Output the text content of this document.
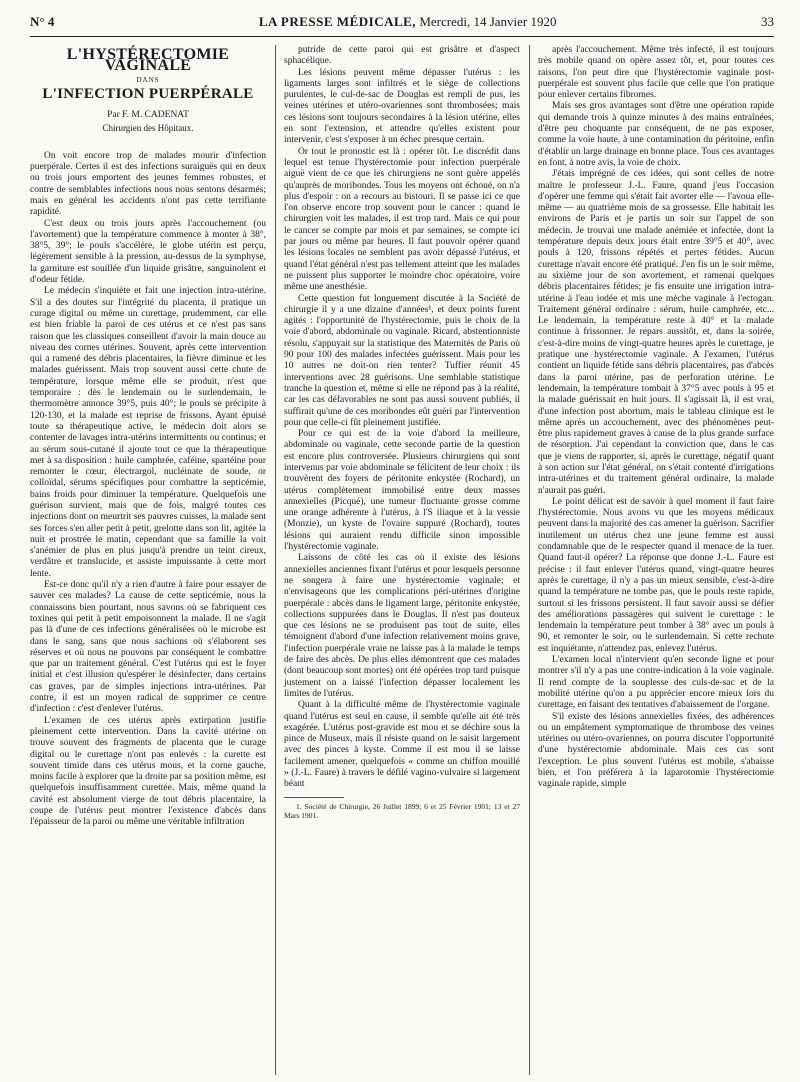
N° 4	LA PRESSE MÉDICALE, Mercredi, 14 Janvier 1920	33
L'HYSTÉRECTOMIE VAGINALE
DANS
L'INFECTION PUERPÉRALE
Par F. M. CADENAT
Chirurgien des Hôpitaux.

On voit encore trop de malades mourir d'infection puerpérale. Certes il est des infections suraiguës qui en deux ou trois jours emportent des jeunes femmes robustes, et contre de semblables infections nous nous sentons désarmés; mais en général les accidents n'ont pas cette terrifiante rapidité.

C'est deux ou trois jours après l'accouchement (ou l'avortement) que la température commence à monter à 38°, 38°5, 39°; le pouls s'accélère, le globe utérin est perçu, légèrement sensible à la pression, au-dessus de la symphyse, la garniture est souillée d'un liquide grisâtre, sanguinolent et d'odeur fétide.

Le médecin s'inquiète et fait une injection intra-utérine. S'il a des doutes sur l'intégrité du placenta, il pratique un curage digital ou même un curettage, prudemment, car elle est bien friable la paroi de ces utérus et ce n'est pas sans raison que les classiques conseillent d'avoir la main douce au niveau des cornes utérines. Souvent, après cette intervention qui a ramené des débris placentaires, la fièvre diminue et les malades guérissent. Mais trop souvent aussi cette chute de température, lorsque même elle se produit, n'est que temporaire : dès le lendemain ou le surlendemain, le thermomètre annonce 39°5, puis 40°; le pouls se précipite à 120-130, et la malade est reprise de frissons. Ayant épuisé toute sa thérapeutique active, le médecin doit alors se contenter de lavages intra-utérins intermittents ou continus; et au sérum sous-cutané il ajoute tout ce que la thérapeutique met à sa disposition : huile camphrée, caféine, spartéine pour remonter le cœur, électrargol, nucléinate de soude, or colloïdal, sérums spécifiques pour combattre la septicémie, bains froids pour diminuer la température. Quelquefois une guérison survient, mais que de fois, malgré toutes ces injections dont on meurtrit ses pauvres cuisses, la malade sent ses forces s'en aller petit à petit, grelotte dans son lit, agitée la nuit et prostrée le matin, cependant que sa famille la voit s'anémier de plus en plus jusqu'à prendre un teint cireux, verdâtre et translucide, et assiste impuissante à cette mort lente.

Est-ce donc qu'il n'y a rien d'autre à faire pour essayer de sauver ces malades? La cause de cette septicémie, nous la connaissons bien pourtant, nous savons où se fabriquent ces toxines qui petit à petit empoisonnent la malade. Il ne s'agit pas là d'une de ces infections généralisées où le microbe est dans le sang, sans que nous sachions où s'élaborent ses réserves et où nous ne pouvons par conséquent le combattre que par un traitement général. C'est l'utérus qui est le foyer initial et c'est illusion qu'espérer le désinfecter, dans certains cas graves, par de simples injections intra-utérines. Par contre, il est un moyen radical de supprimer ce centre d'infection : c'est d'enlever l'utérus.

L'examen de ces utérus après extirpation justifie pleinement cette intervention. Dans la cavité utérine on trouve souvent des fragments de placenta que le curage digital ou le curettage n'ont pas enlevés : la curette est souvent timide dans ces utérus mous, et la corne gauche, moins facile à explorer que la droite par sa position même, est quelquefois insuffisamment curettée. Mais, même quand la cavité est absolument vierge de tout débris placentaire, la coupe de l'utérus peut montrer l'existence d'abcès dans l'épaisseur de la paroi ou même une véritable infiltration

putride de cette paroi qui est grisâtre et d'aspect sphacélique.

Les lésions peuvent même dépasser l'utérus : les ligaments larges sont infiltrés et le siège de collections purulentes, le cul-de-sac de Douglas est rempli de pus, les veines utérines et utéro-ovariennes sont thrombosées; mais ces lésions sont toujours secondaires à la lésion utérine, elles en sont l'extension, et attendre qu'elles existent pour intervenir, c'est s'exposer à un échec presque certain.

Or tout le pronostic est là : opérer tôt. Le discrédit dans lequel est tenue l'hystérectomie pour infection puerpérale aiguë vient de ce que les chirurgiens ne sont guère appelés qu'auprès de moribondes. Tous les moyens ont échoué, on n'a plus d'espoir : on a recours au bistouri. Il se passe ici ce que l'on observe encore trop souvent pour le cancer : quand le chirurgien voit les malades, il est trop tard. Mais ce qui pour le cancer se compte par mois et par semaines, se compte ici par jours ou même par heures. Il faut pouvoir opérer quand les lésions locales ne semblent pas avoir dépassé l'utérus, et quand l'état général n'est pas tellement atteint que les malades ne puissent plus supporter le moindre choc opératoire, voire même une anesthésie.

Cette question fut longuement discutée à la Société de chirurgie il y a une dizaine d'années¹, et deux points furent agités : l'opportunité de l'hystérectomie, puis le choix de la voie d'abord, abdominale ou vaginale. Ricard, abstentionniste résolu, s'appuyait sur la statistique des Maternités de Paris où 90 pour 100 des malades infectées guérissent. Mais pour les 10 autres ne doit-on rien tenter? Tuffier réunit 45 interventions avec 28 guérisons. Une semblable statistique tranche la question et, même si elle ne répond pas à la réalité, car les cas défavorables ne sont pas aussi souvent publiés, il suffirait qu'une de ces moribondes eût guéri par l'intervention pour que celle-ci fût pleinement justifiée.

Pour ce qui est de la voie d'abord la meilleure, abdominale ou vaginale, cette seconde partie de la question est encore plus controversée. Plusieurs chirurgiens qui sont intervenus par voie abdominale se félicitent de leur choix : ils trouvèrent des foyers de péritonite enkystée (Rochard), un utérus complètement immobilisé entre deux masses annexielles (Picqué), une tumeur fluctuante grosse comme une orange adhérente à l'utérus, à l'S iliaque et à la vessie (Monzie), un kyste de l'ovaire suppuré (Rochard), toutes lésions qui auraient rendu difficile sinon impossible l'hystérectomie vaginale.

Laissons de côté les cas où il existe des lésions annexielles anciennes fixant l'utérus et pour lesquels personne ne songera à faire une hystérectomie vaginale; et n'envisageons que les complications péri-utérines d'origine puerpérale : abcès dans le ligament large, péritonite enkystée, collections suppurées dans le Douglas. Il n'est pas douteux que ces lésions ne se produisent pas tout de suite, elles témoignent d'abord d'une infection relativement moins grave, l'infection puerpérale vraie ne laisse pas à la malade le temps de faire des abcès. De plus elles démontrent que ces malades (dont beaucoup sont mortes) ont été opérées trop tard puisque justement on a laissé l'infection dépasser localement les limites de l'utérus.

Quant à la difficulté même de l'hystérectomie vaginale quand l'utérus est seul en cause, il semble qu'elle ait été très exagérée. L'utérus post-gravide est mou et se déchire sous la pince de Museux, mais il résiste quand on le saisit largement avec des pinces à kyste. Comme il est mou il se laisse facilement amener, quelquefois « comme un chiffon mouillé » (J.-L. Faure) à travers le défilé vagino-vulvaire si largement béant

1. Société de Chirurgie, 26 Juillet 1899; 6 et 25 Février 1901; 13 et 27 Mars 1901.

après l'accouchement. Même très infecté, il est toujours très mobile quand on opère assez tôt, et, pour toutes ces raisons, l'on peut dire que l'hystérectomie vaginale post-puerpérale est souvent plus facile que celle que l'on pratique pour enlever certains fibromes.

Mais ses gros avantages sont d'être une opération rapide qui demande trois à quinze minutes à des mains entraînées, d'être peu choquante par conséquent, de ne pas exposer, comme la voie haute, à une contamination du péritoine, enfin d'établir un large drainage en bonne place. Tous ces avantages en font, à notre avis, la voie de choix.

J'étais imprégné de ces idées, qui sont celles de notre maître le professeur J.-L. Faure, quand j'eus l'occasion d'opérer une femme qui s'était fait avorter elle — l'avoua elle-même — au quatrième mois de sa grossesse. Elle habitait les environs de Paris et je partis un soir sur l'appel de son médecin. Je trouvai une malade anémiée et infectée, dont la température depuis deux jours était entre 39°5 et 40°, avec pouls à 120, frissons répétés et pertes fétides. Aucun curettage n'avait encore été pratiqué. J'en fis un le soir même, au sixième jour de son avortement, et ramenai quelques débris placentaires fétides; je fis ensuite une irrigation intra-utérine à l'eau iodée et mis une mèche vaginale à l'ectogan. Traitement général ordinaire : sérum, huile camphrée, etc... Le lendemain, la température reste à 40° et la malade continue à frissonner. Je repars aussitôt, et, dans la soirée, c'est-à-dire moins de vingt-quatre heures après le curettage, je pratique une hystérectomie vaginale. A l'examen, l'utérus contient un liquide fétide sans débris placentaires, pas d'abcès dans la paroi utérine, pas de perforation utérine. Le lendemain, la température tombait à 37°5 avec pouls à 95 et la malade guérissait en huit jours. Il s'agissait là, il est vrai, d'une infection post abortum, mais le tableau clinique est le même après un accouchement, avec des phénomènes peut-être plus rapidement graves à cause de la plus grande surface de résorption. J'ai cependant la conviction que, dans le cas que je viens de rapporter, si, après le curettage, négatif quant à son action sur l'état général, on s'était contenté d'irrigations intra-utérines et du traitement général ordinaire, la malade n'aurait pas guéri.

Le point délicat est de savoir à quel moment il faut faire l'hystérectomie. Nous avons vu que les moyens médicaux peuvent dans la majorité des cas amener la guérison. Sacrifier inutilement un utérus chez une jeune femme est aussi condamnable que de le respecter quand il menace de la tuer. Quand faut-il opérer? La réponse que donne J.-L. Faure est précise : il faut enlever l'utérus quand, vingt-quatre heures après le curettage, il n'y a pas un mieux sensible, c'est-à-dire quand la température ne tombe pas, que le pouls reste rapide, surtout si les frissons persistent. Il faut savoir aussi se défier des améliorations passagères qui suivent le curettage : le lendemain la température peut tomber à 38° avec un pouls à 90, et remonter le soir, ou le surlendemain. Si cette rechute est inquiétante, n'attendez pas, enlevez l'utérus.

L'examen local n'intervient qu'en seconde ligne et pour montrer s'il n'y a pas une contre-indication à la voie vaginale. Il rend compte de la souplesse des culs-de-sac et de la mobilité utérine qu'on a pu apprécier encore mieux lors du curettage, en faisant des tentatives d'abaissement de l'organe.

S'il existe des lésions annexielles fixées, des adhérences ou un empâtement symptomatique de thrombose des veines utérines ou utéro-ovariennes, on pourra discuter l'opportunité d'une hystérectomie abdominale. Mais ces cas sont l'exception. Le plus souvent l'utérus est mobile, s'abaisse bien, et l'on préférera à la laparotomie l'hystérectomie vaginale rapide, simple
